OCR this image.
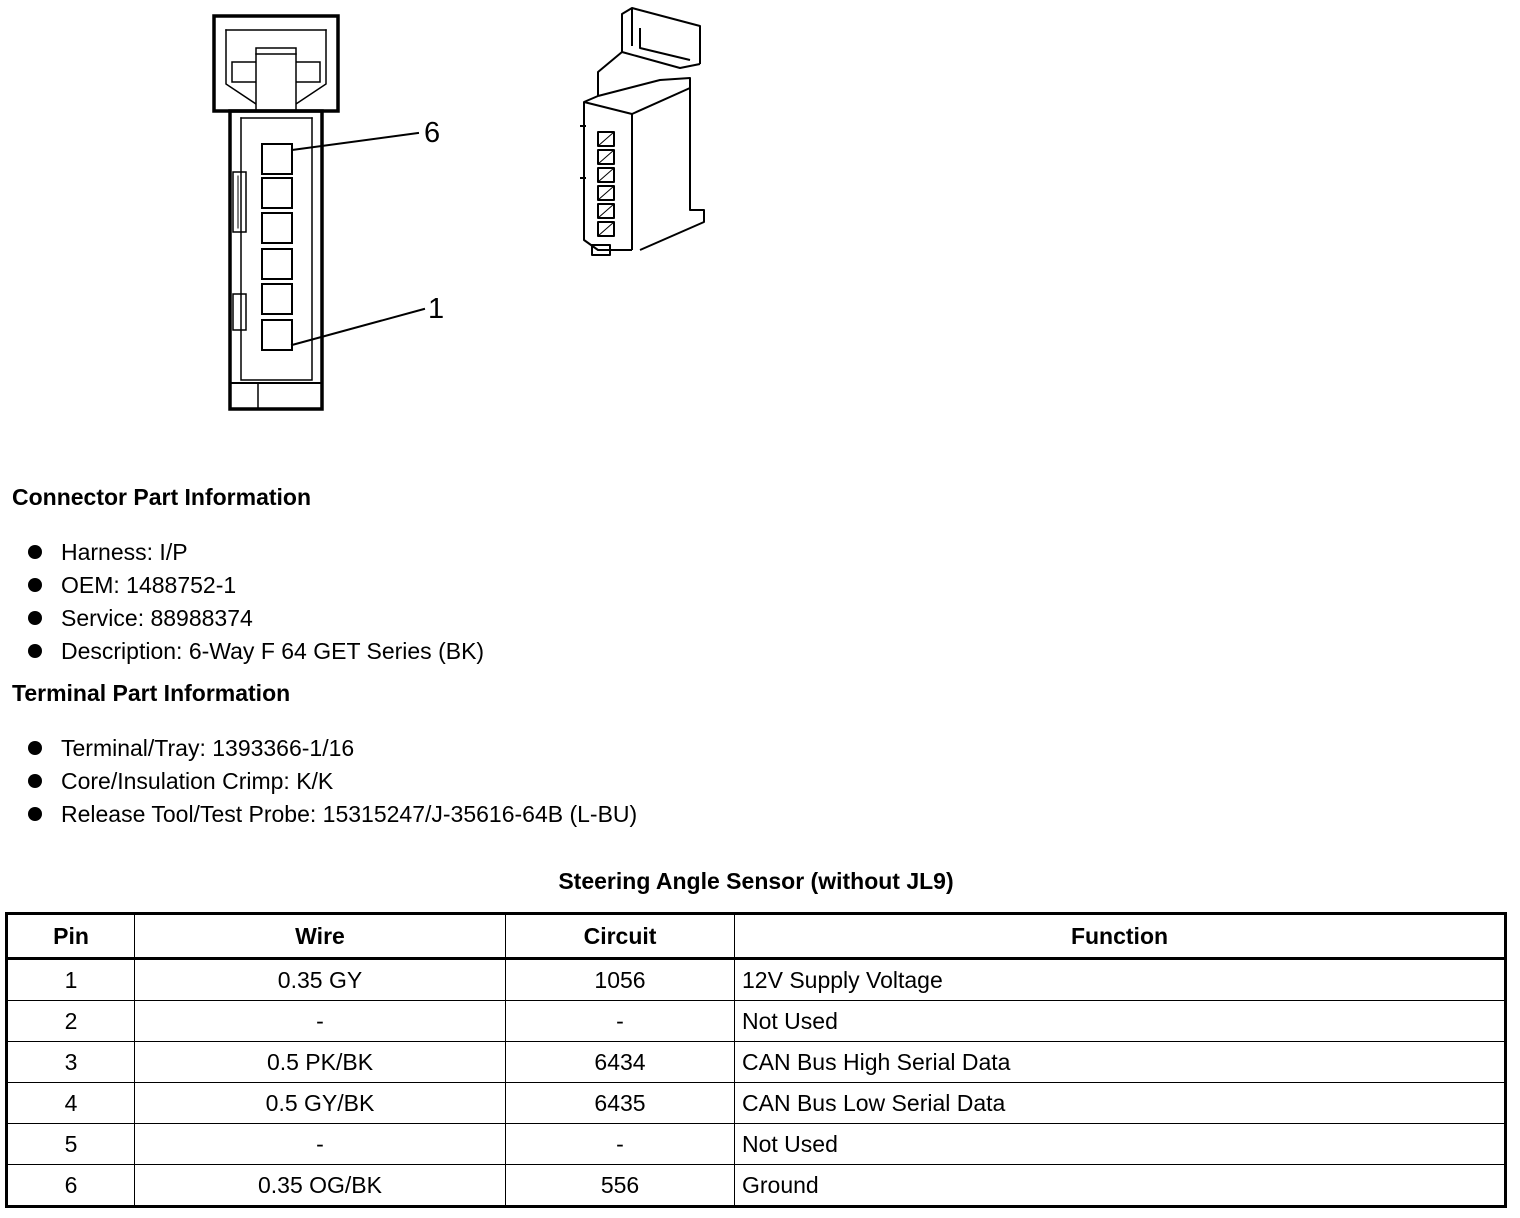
6
1
Connector Part Information
Harness: I/P
OEM: 1488752-1
Service: 88988374
Description: 6-Way F 64 GET Series (BK)
Terminal Part Information
Terminal/Tray: 1393366-1/16
Core/Insulation Crimp: K/K
Release Tool/Test Probe: 15315247/J-35616-64B (L-BU)
Steering Angle Sensor (without JL9)
Pin	Wire	Circuit	Function
1	0.35 GY	1056	12V Supply Voltage
2	-	-	Not Used
3	0.5 PK/BK	6434	CAN Bus High Serial Data
4	0.5 GY/BK	6435	CAN Bus Low Serial Data
5	-	-	Not Used
6	0.35 OG/BK	556	Ground
